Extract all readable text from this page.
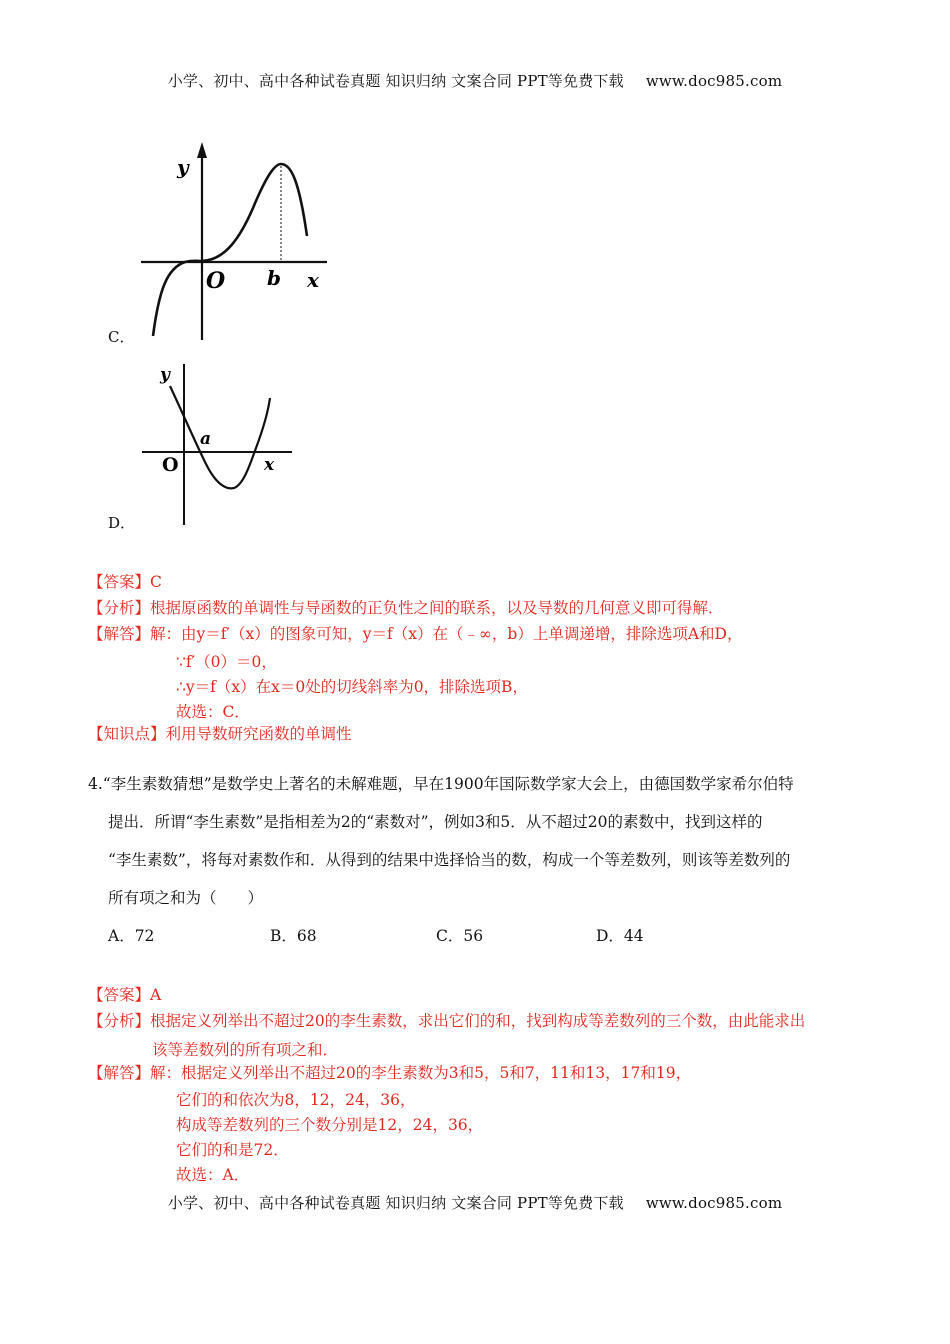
小学、初中、高中各种试卷真题 知识归纳 文案合同 PPT等免费下载 www.doc985.com
y
O b x
C．
y
O
a
x
D．
【答案】C
【分析】根据原函数的单调性与导函数的正负性之间的联系，以及导数的几何意义即可得解．
【解答】解：由y＝f′（x）的图象可知，y＝f（x）在（﹣∞，b）上单调递增，排除选项A和D，
∵f′（0）＝0，
∴y＝f（x）在x＝0处的切线斜率为0，排除选项B，
故选：C．
【知识点】利用导数研究函数的单调性
4.“李生素数猜想”是数学史上著名的未解难题，早在1900年国际数学家大会上，由德国数学家希尔伯特
提出．所谓“李生素数”是指相差为2的“素数对”，例如3和5．从不超过20的素数中，找到这样的
“李生素数”，将每对素数作和．从得到的结果中选择恰当的数，构成一个等差数列，则该等差数列的
所有项之和为（　　）
A．72	B．68	C．56	D．44
【答案】A
【分析】根据定义列举出不超过20的李生素数，求出它们的和，找到构成等差数列的三个数，由此能求出
该等差数列的所有项之和．
【解答】解：根据定义列举出不超过20的李生素数为3和5，5和7，11和13，17和19，
它们的和依次为8，12，24，36，
构成等差数列的三个数分别是12，24，36，
它们的和是72．
故选：A．
小学、初中、高中各种试卷真题 知识归纳 文案合同 PPT等免费下载 www.doc985.com
